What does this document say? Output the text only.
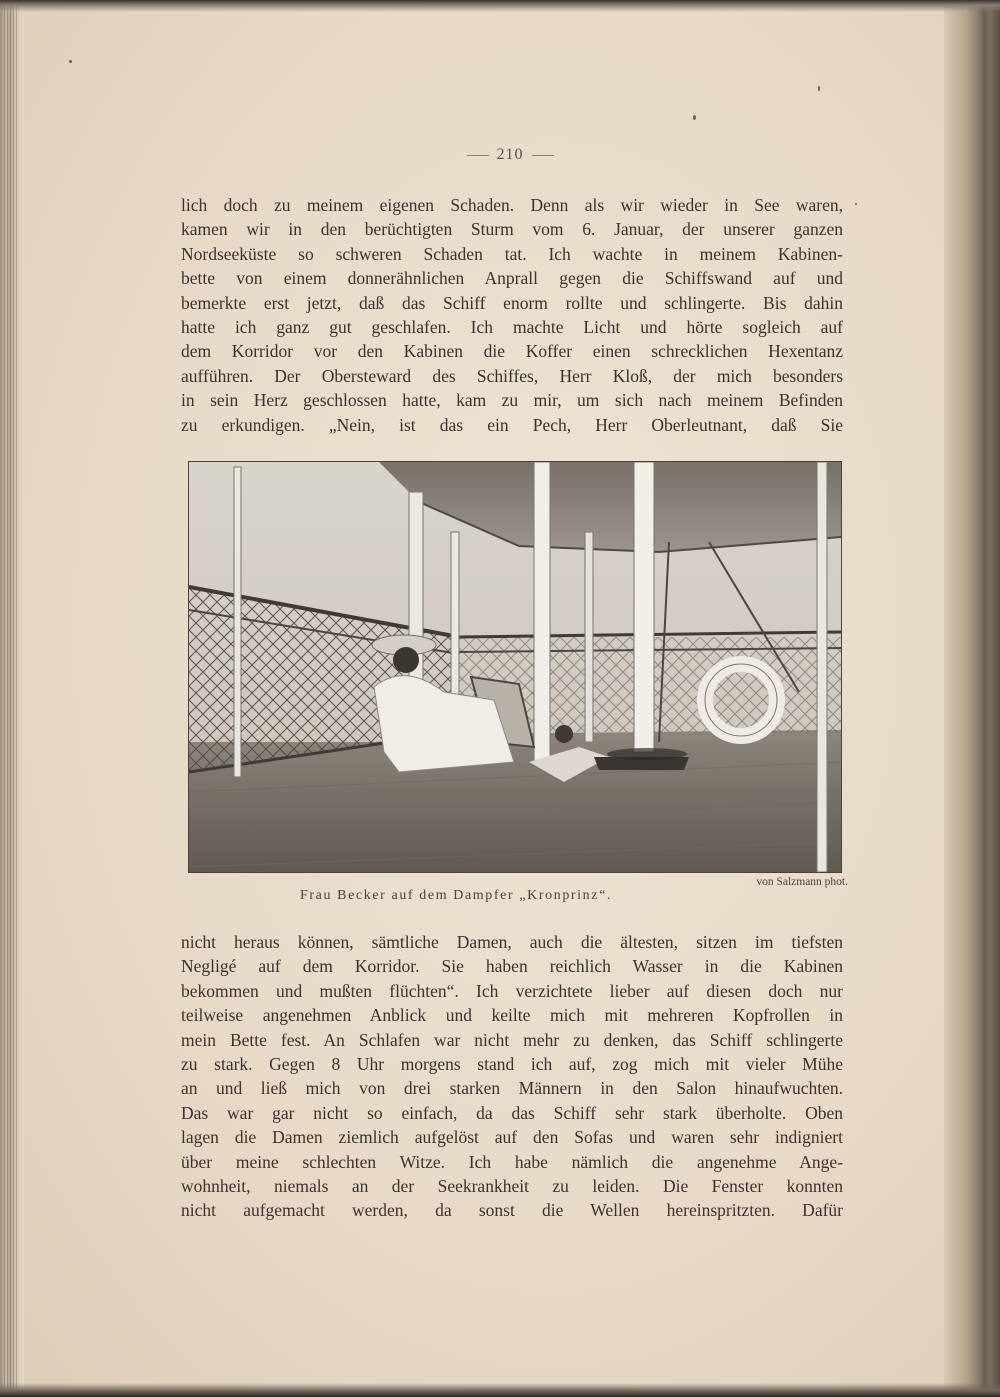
210
lich doch zu meinem eigenen Schaden. Denn als wir wieder in See waren,
kamen wir in den berüchtigten Sturm vom 6. Januar, der unserer ganzen
Nordseeküste so schweren Schaden tat. Ich wachte in meinem Kabinen-
bette von einem donnerähnlichen Anprall gegen die Schiffswand auf und
bemerkte erst jetzt, daß das Schiff enorm rollte und schlingerte. Bis dahin
hatte ich ganz gut geschlafen. Ich machte Licht und hörte sogleich auf
dem Korridor vor den Kabinen die Koffer einen schrecklichen Hexentanz
aufführen. Der Obersteward des Schiffes, Herr Kloß, der mich besonders
in sein Herz geschlossen hatte, kam zu mir, um sich nach meinem Befinden
zu erkundigen. „Nein, ist das ein Pech, Herr Oberleutnant, daß Sie
von Salzmann phot.
Frau Becker auf dem Dampfer „Kronprinz“.
nicht heraus können, sämtliche Damen, auch die ältesten, sitzen im tiefsten
Negligé auf dem Korridor. Sie haben reichlich Wasser in die Kabinen
bekommen und mußten flüchten“. Ich verzichtete lieber auf diesen doch nur
teilweise angenehmen Anblick und keilte mich mit mehreren Kopfrollen in
mein Bette fest. An Schlafen war nicht mehr zu denken, das Schiff schlingerte
zu stark. Gegen 8 Uhr morgens stand ich auf, zog mich mit vieler Mühe
an und ließ mich von drei starken Männern in den Salon hinaufwuchten.
Das war gar nicht so einfach, da das Schiff sehr stark überholte. Oben
lagen die Damen ziemlich aufgelöst auf den Sofas und waren sehr indigniert
über meine schlechten Witze. Ich habe nämlich die angenehme Ange-
wohnheit, niemals an der Seekrankheit zu leiden. Die Fenster konnten
nicht aufgemacht werden, da sonst die Wellen hereinspritzten. Dafür
